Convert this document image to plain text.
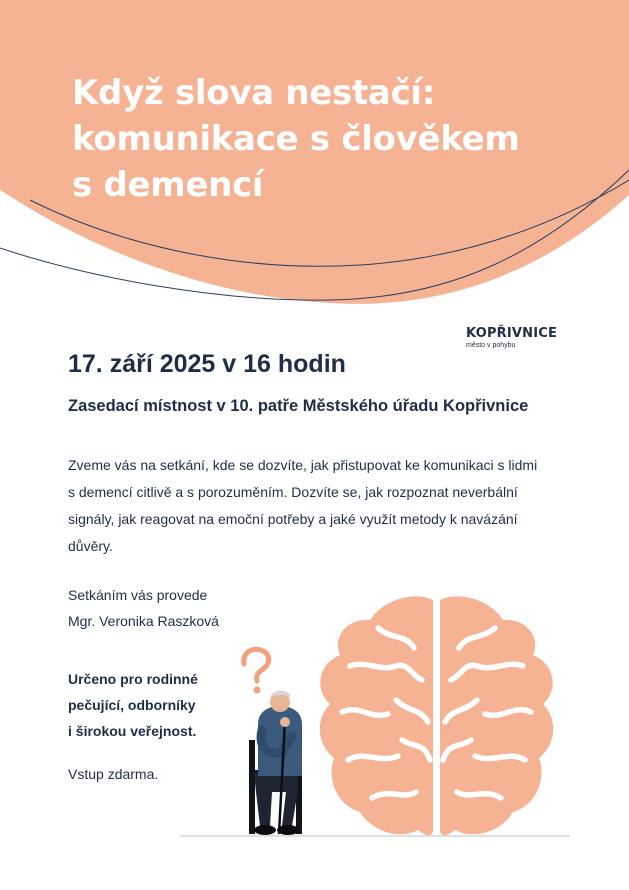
Když slova nestačí:
komunikace s člověkem
s demencí
KOPŘIVNICE
město v pohybu

17. září 2025 v 16 hodin

Zasedací místnost v 10. patře Městského úřadu Kopřivnice

Zveme vás na setkání, kde se dozvíte, jak přistupovat ke komunikaci s lidmi s demencí citlivě a s porozuměním. Dozvíte se, jak rozpoznat neverbální signály, jak reagovat na emoční potřeby a jaké využít metody k navázání důvěry.

Setkáním vás provede
Mgr. Veronika Raszková
Určeno pro rodinné
pečující, odborníky
i širokou veřejnost.

Vstup zdarma.
